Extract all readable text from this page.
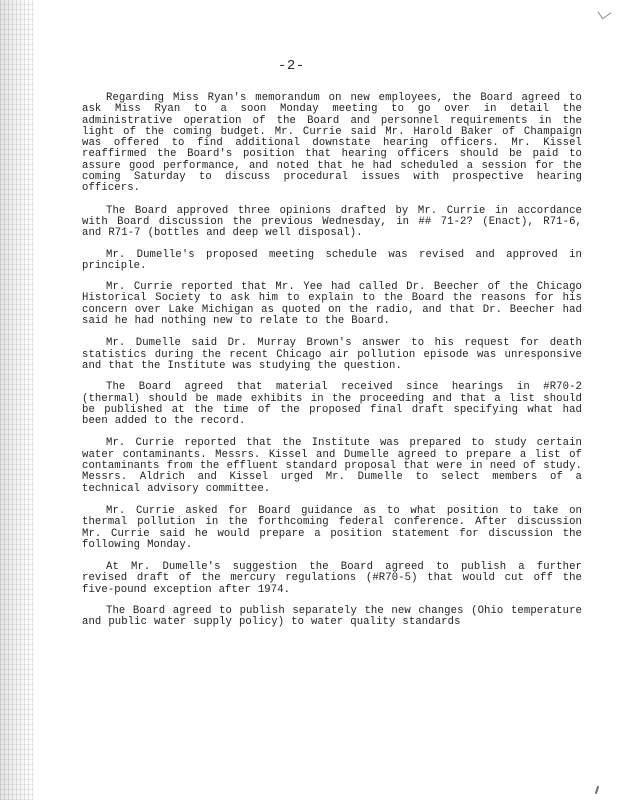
-2-

Regarding Miss Ryan's memorandum on new employees, the Board agreed to ask Miss Ryan to a soon Monday meeting to go over in detail the administrative operation of the Board and personnel requirements in the light of the coming budget. Mr. Currie said Mr. Harold Baker of Champaign was offered to find additional downstate hearing officers. Mr. Kissel reaffirmed the Board's position that hearing officers should be paid to assure good performance, and noted that he had scheduled a session for the coming Saturday to discuss procedural issues with prospective hearing officers.

The Board approved three opinions drafted by Mr. Currie in accordance with Board discussion the previous Wednesday, in ## 71-2? (Enact), R71-6, and R71-7 (bottles and deep well disposal).

Mr. Dumelle's proposed meeting schedule was revised and approved in principle.

Mr. Currie reported that Mr. Yee had called Dr. Beecher of the Chicago Historical Society to ask him to explain to the Board the reasons for his concern over Lake Michigan as quoted on the radio, and that Dr. Beecher had said he had nothing new to relate to the Board.

Mr. Dumelle said Dr. Murray Brown's answer to his request for death statistics during the recent Chicago air pollution episode was unresponsive and that the Institute was studying the question.

The Board agreed that material received since hearings in #R70-2 (thermal) should be made exhibits in the proceeding and that a list should be published at the time of the proposed final draft specifying what had been added to the record.

Mr. Currie reported that the Institute was prepared to study certain water contaminants. Messrs. Kissel and Dumelle agreed to prepare a list of contaminants from the effluent standard proposal that were in need of study. Messrs. Aldrich and Kissel urged Mr. Dumelle to select members of a technical advisory committee.

Mr. Currie asked for Board guidance as to what position to take on thermal pollution in the forthcoming federal conference. After discussion Mr. Currie said he would prepare a position statement for discussion the following Monday.

At Mr. Dumelle's suggestion the Board agreed to publish a further revised draft of the mercury regulations (#R70-5) that would cut off the five-pound exception after 1974.

The Board agreed to publish separately the new changes (Ohio temperature and public water supply policy) to water quality standards
